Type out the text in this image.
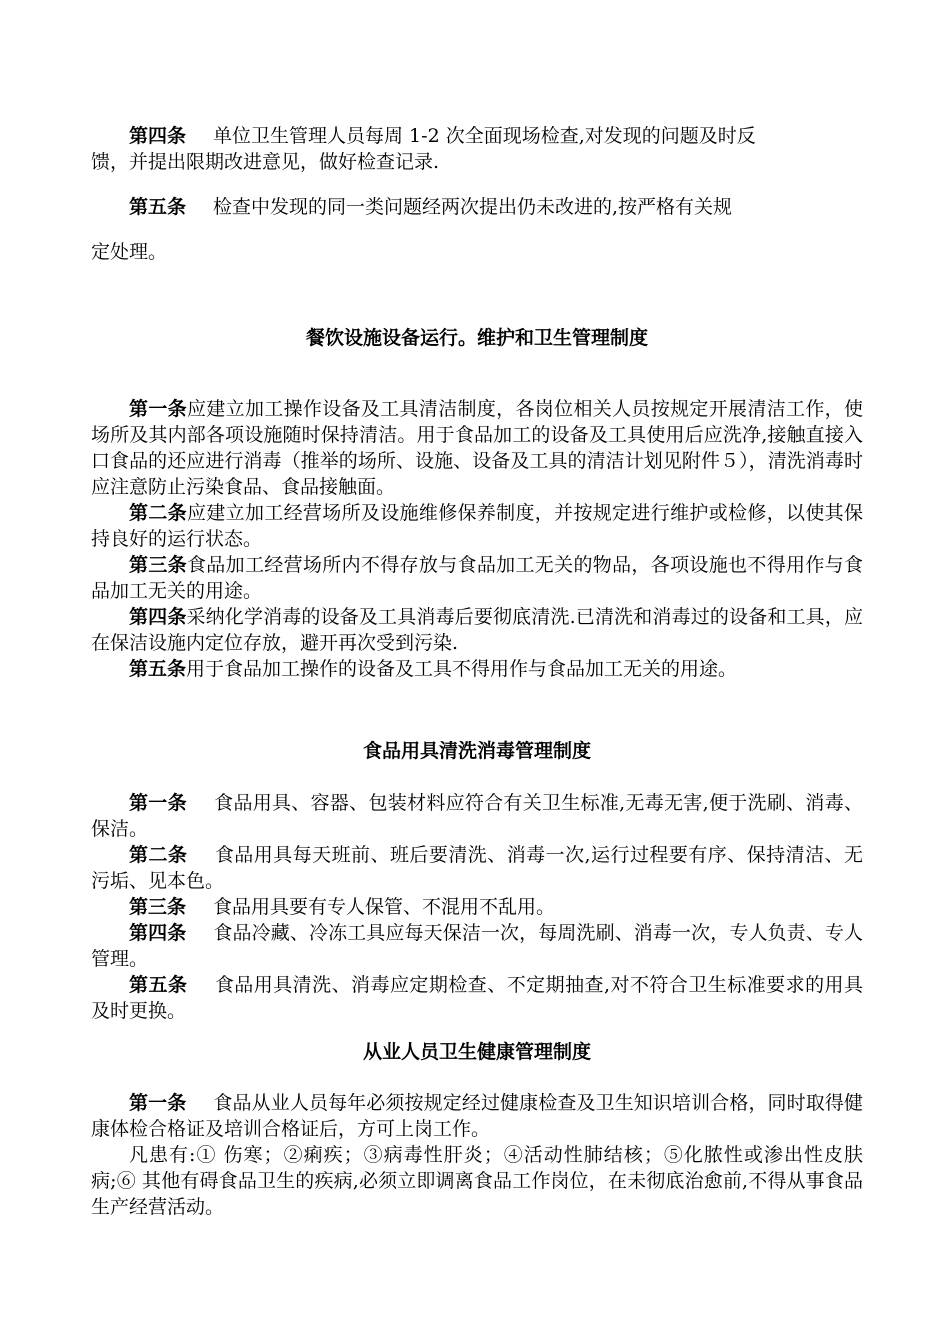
第四条 单位卫生管理人员每周 1-2 次全面现场检查,对发现的问题及时反

馈，并提出限期改进意见，做好检查记录.

第五条 检查中发现的同一类问题经两次提出仍未改进的,按严格有关规

定处理。

餐饮设施设备运行。维护和卫生管理制度

第一条应建立加工操作设备及工具清洁制度，各岗位相关人员按规定开展清洁工作，使场所及其内部各项设施随时保持清洁。用于食品加工的设备及工具使用后应洗净,接触直接入口食品的还应进行消毒（推举的场所、设施、设备及工具的清洁计划见附件５），清洗消毒时应注意防止污染食品、食品接触面。

第二条应建立加工经营场所及设施维修保养制度，并按规定进行维护或检修，以使其保持良好的运行状态。

第三条食品加工经营场所内不得存放与食品加工无关的物品，各项设施也不得用作与食品加工无关的用途。

第四条采纳化学消毒的设备及工具消毒后要彻底清洗.已清洗和消毒过的设备和工具，应在保洁设施内定位存放，避开再次受到污染.

第五条用于食品加工操作的设备及工具不得用作与食品加工无关的用途。

食品用具清洗消毒管理制度

第一条 食品用具、容器、包装材料应符合有关卫生标准,无毒无害,便于洗刷、消毒、保洁。

第二条 食品用具每天班前、班后要清洗、消毒一次,运行过程要有序、保持清洁、无污垢、见本色。

第三条 食品用具要有专人保管、不混用不乱用。

第四条 食品冷藏、冷冻工具应每天保洁一次，每周洗刷、消毒一次，专人负责、专人管理。

第五条 食品用具清洗、消毒应定期检查、不定期抽查,对不符合卫生标准要求的用具及时更换。

从业人员卫生健康管理制度

第一条 食品从业人员每年必须按规定经过健康检查及卫生知识培训合格，同时取得健康体检合格证及培训合格证后，方可上岗工作。

凡患有:① 伤寒；②痢疾；③病毒性肝炎；④活动性肺结核；⑤化脓性或渗出性皮肤病;⑥ 其他有碍食品卫生的疾病,必须立即调离食品工作岗位，在未彻底治愈前,不得从事食品生产经营活动。
